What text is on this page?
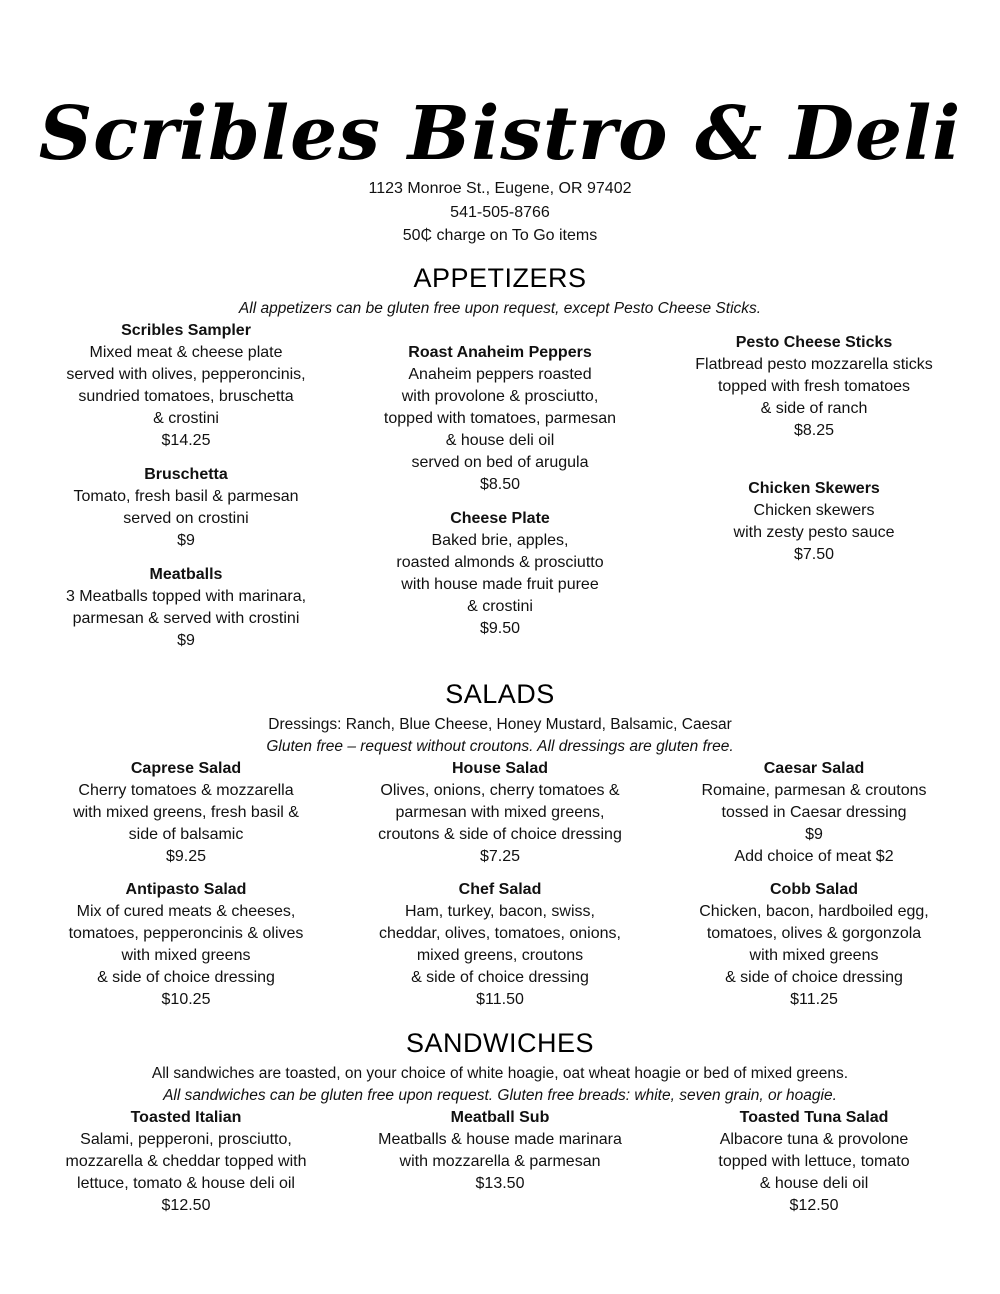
Scribles Bistro & Deli
1123 Monroe St., Eugene, OR 97402
541-505-8766
50₵ charge on To Go items
APPETIZERS
All appetizers can be gluten free upon request, except Pesto Cheese Sticks.
Scribles Sampler
Mixed meat & cheese plate
served with olives, pepperoncinis,
sundried tomatoes, bruschetta
& crostini
$14.25
Bruschetta
Tomato, fresh basil & parmesan
served on crostini
$9
Meatballs
3 Meatballs topped with marinara,
parmesan & served with crostini
$9
Roast Anaheim Peppers
Anaheim peppers roasted
with provolone & prosciutto,
topped with tomatoes, parmesan
& house deli oil
served on bed of arugula
$8.50
Cheese Plate
Baked brie, apples,
roasted almonds & prosciutto
with house made fruit puree
& crostini
$9.50
Pesto Cheese Sticks
Flatbread pesto mozzarella sticks
topped with fresh tomatoes
& side of ranch
$8.25
Chicken Skewers
Chicken skewers
with zesty pesto sauce
$7.50
SALADS
Dressings: Ranch, Blue Cheese, Honey Mustard, Balsamic, Caesar
Gluten free – request without croutons. All dressings are gluten free.
Caprese Salad
Cherry tomatoes & mozzarella
with mixed greens, fresh basil &
side of balsamic
$9.25
House Salad
Olives, onions, cherry tomatoes &
parmesan with mixed greens,
croutons & side of choice dressing
$7.25
Caesar Salad
Romaine, parmesan & croutons
tossed in Caesar dressing
$9
Add choice of meat $2
Antipasto Salad
Mix of cured meats & cheeses,
tomatoes, pepperoncinis & olives
with mixed greens
& side of choice dressing
$10.25
Chef Salad
Ham, turkey, bacon, swiss,
cheddar, olives, tomatoes, onions,
mixed greens, croutons
& side of choice dressing
$11.50
Cobb Salad
Chicken, bacon, hardboiled egg,
tomatoes, olives & gorgonzola
with mixed greens
& side of choice dressing
$11.25
SANDWICHES
All sandwiches are toasted, on your choice of white hoagie, oat wheat hoagie or bed of mixed greens.
All sandwiches can be gluten free upon request. Gluten free breads: white, seven grain, or hoagie.
Toasted Italian
Salami, pepperoni, prosciutto,
mozzarella & cheddar topped with
lettuce, tomato & house deli oil
$12.50
Meatball Sub
Meatballs & house made marinara
with mozzarella & parmesan
$13.50
Toasted Tuna Salad
Albacore tuna & provolone
topped with lettuce, tomato
& house deli oil
$12.50
